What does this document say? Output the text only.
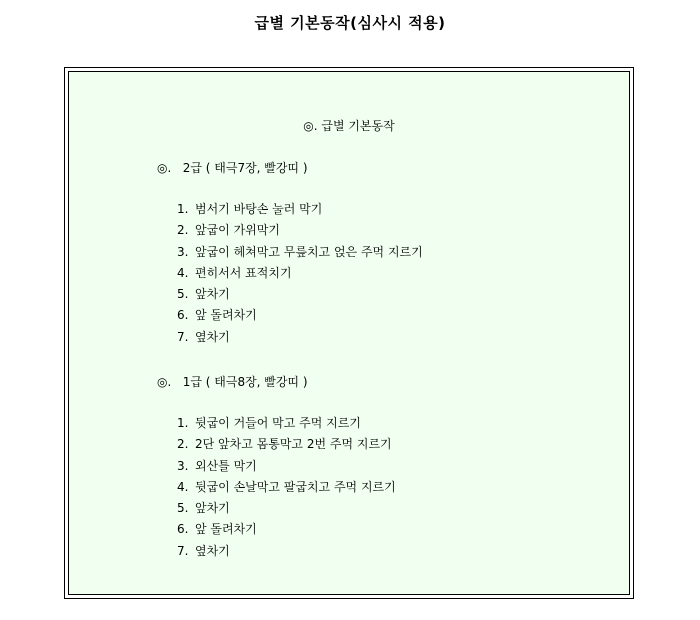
급별 기본동작(심사시 적용)
◎. 급별 기본동작
◎.   2급 ( 태극7장, 빨강띠 )
1. 범서기 바탕손 눌러 막기
2. 앞굽이 가위막기
3. 앞굽이 헤쳐막고 무릎치고 얹은 주먹 지르기
4. 편히서서 표적치기
5. 앞차기
6. 앞 돌려차기
7. 옆차기
◎.   1급 ( 태극8장, 빨강띠 )
1. 뒷굽이 거들어 막고 주먹 지르기
2. 2단 앞차고 몸통막고 2번 주먹 지르기
3. 외산틀 막기
4. 뒷굽이 손날막고 팔굽치고 주먹 지르기
5. 앞차기
6. 앞 돌려차기
7. 옆차기
